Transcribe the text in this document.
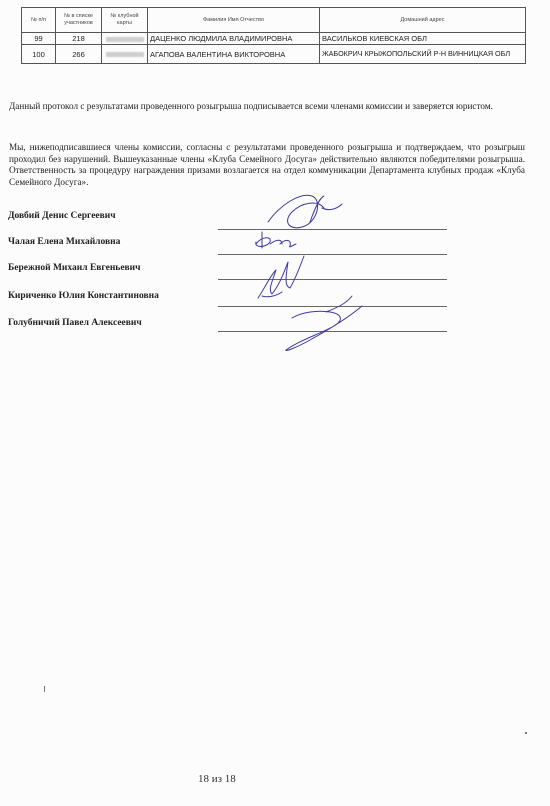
№ п/п	№ в списке участников	№ клубной карты	Фамилия Имя Отчество	Домашний адрес
99	218		ДАЦЕНКО ЛЮДМИЛА ВЛАДИМИРОВНА	ВАСИЛЬКОВ КИЕВСКАЯ ОБЛ
100	266		АГАПОВА ВАЛЕНТИНА ВИКТОРОВНА	ЖАБОКРИЧ КРЫЖОПОЛЬСКИЙ Р-Н ВИННИЦКАЯ ОБЛ
Данный протокол с результатами проведенного розыгрыша подписывается всеми членами комиссии и заверяется юристом.
Мы, нижеподписавшиеся члены комиссии, согласны с результатами проведенного розыгрыша и подтверждаем, что розыгрыш проходил без нарушений. Вышеуказанные члены «Клуба Семейного Досуга» действительно являются победителями розыгрыша. Ответственность за процедуру награждения призами возлагается на отдел коммуникации Департамента клубных продаж «Клуба Семейного Досуга».
Довбий Денис Сергеевич
Чалая Елена Михайловна
Бережной Михаил Евгеньевич
Кириченко Юлия Константиновна
Голубничий Павел Алексеевич
18 из 18
